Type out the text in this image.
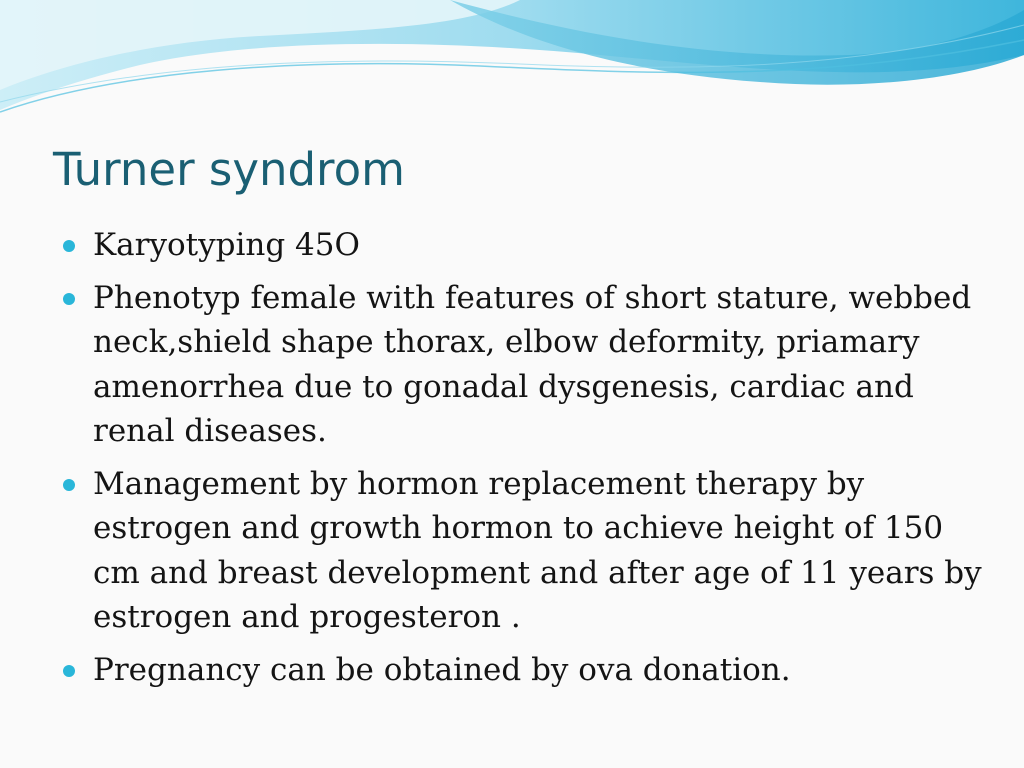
Turner syndrom
Karyotyping 45O
Phenotyp female with features of short stature, webbed neck,shield shape thorax, elbow deformity, priamary amenorrhea due to gonadal dysgenesis, cardiac and renal diseases.
Management by hormon replacement therapy by estrogen and growth hormon to achieve height of 150 cm and breast development and after age of 11 years by estrogen and progesteron .
Pregnancy can be obtained by ova donation.
